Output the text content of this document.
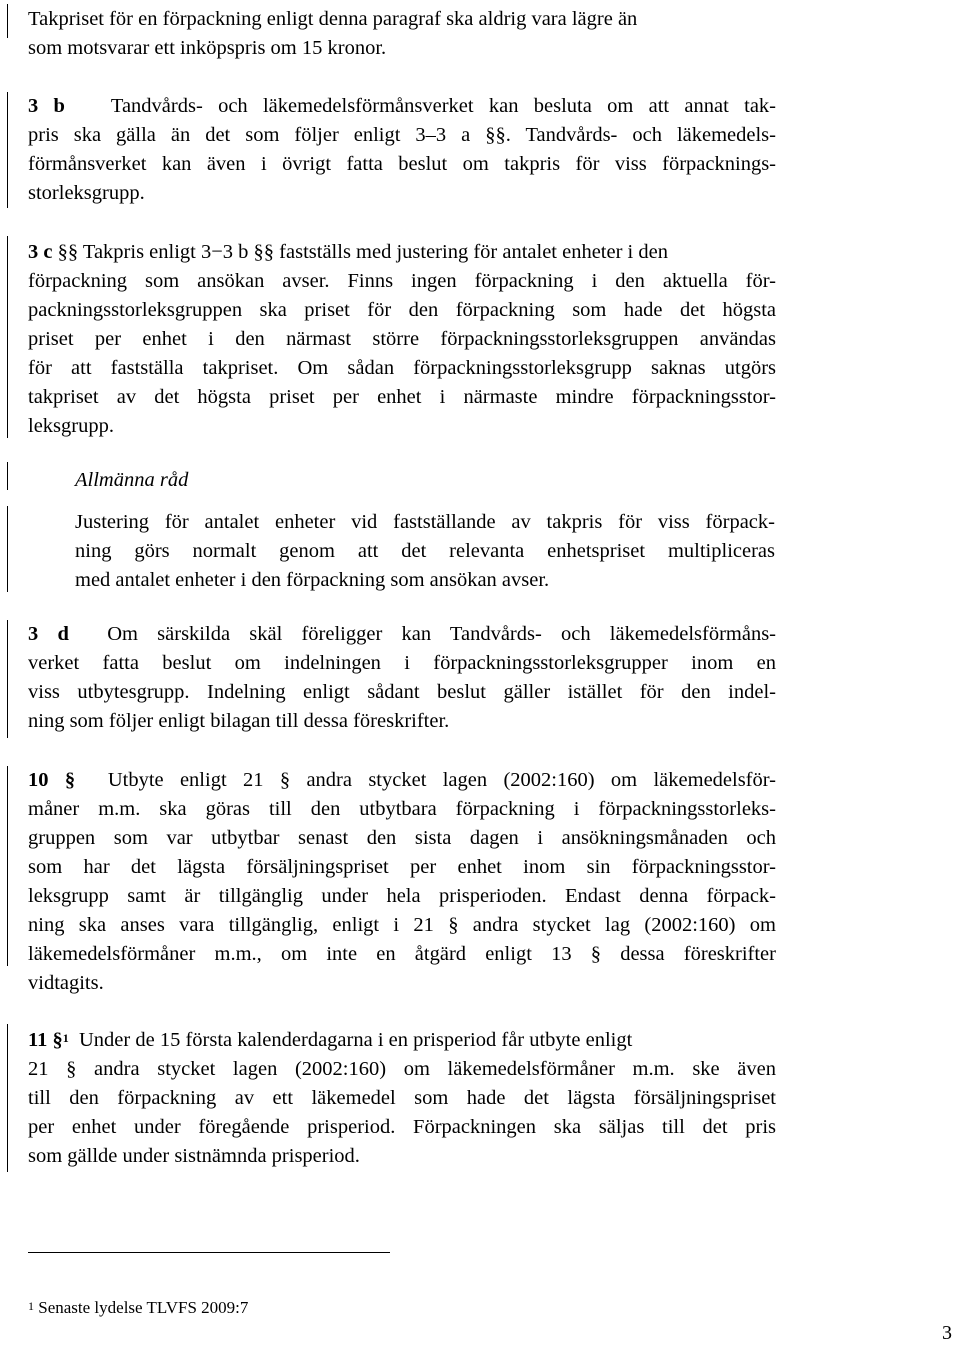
Takpriset för en förpackning enligt denna paragraf ska aldrig vara lägre än
som motsvarar ett inköpspris om 15 kronor.
3 b Tandvårds- och läkemedelsförmånsverket kan besluta om att annat tak-
pris ska gälla än det som följer enligt 3–3 a §§. Tandvårds- och läkemedels-
förmånsverket kan även i övrigt fatta beslut om takpris för viss förpacknings-
storleksgrupp.
3 c §§ Takpris enligt 3−3 b §§ fastställs med justering för antalet enheter i den
förpackning som ansökan avser. Finns ingen förpackning i den aktuella för-
packningsstorleksgruppen ska priset för den förpackning som hade det högsta
priset per enhet i den närmast större förpackningsstorleksgruppen användas
för att fastställa takpriset. Om sådan förpackningsstorleksgrupp saknas utgörs
takpriset av det högsta priset per enhet i närmaste mindre förpackningsstor-
leksgrupp.
Allmänna råd
Justering för antalet enheter vid fastställande av takpris för viss förpack-
ning görs normalt genom att det relevanta enhetspriset multipliceras
med antalet enheter i den förpackning som ansökan avser.
3 d Om särskilda skäl föreligger kan Tandvårds- och läkemedelsförmåns-
verket fatta beslut om indelningen i förpackningsstorleksgrupper inom en
viss utbytesgrupp. Indelning enligt sådant beslut gäller istället för den indel-
ning som följer enligt bilagan till dessa föreskrifter.
10 § Utbyte enligt 21 § andra stycket lagen (2002:160) om läkemedelsför-
måner m.m. ska göras till den utbytbara förpackning i förpackningsstorleks-
gruppen som var utbytbar senast den sista dagen i ansökningsmånaden och
som har det lägsta försäljningspriset per enhet inom sin förpackningsstor-
leksgrupp samt är tillgänglig under hela prisperioden. Endast denna förpack-
ning ska anses vara tillgänglig, enligt i 21 § andra stycket lag (2002:160) om
läkemedelsförmåner m.m., om inte en åtgärd enligt 13 § dessa föreskrifter
vidtagits.
11 §$^1$ Under de 15 första kalenderdagarna i en prisperiod får utbyte enligt
21 § andra stycket lagen (2002:160) om läkemedelsförmåner m.m. ske även
till den förpackning av ett läkemedel som hade det lägsta försäljningspriset
per enhet under föregående prisperiod. Förpackningen ska säljas till det pris
som gällde under sistnämnda prisperiod.
$^1$ Senaste lydelse TLVFS 2009:7
3
